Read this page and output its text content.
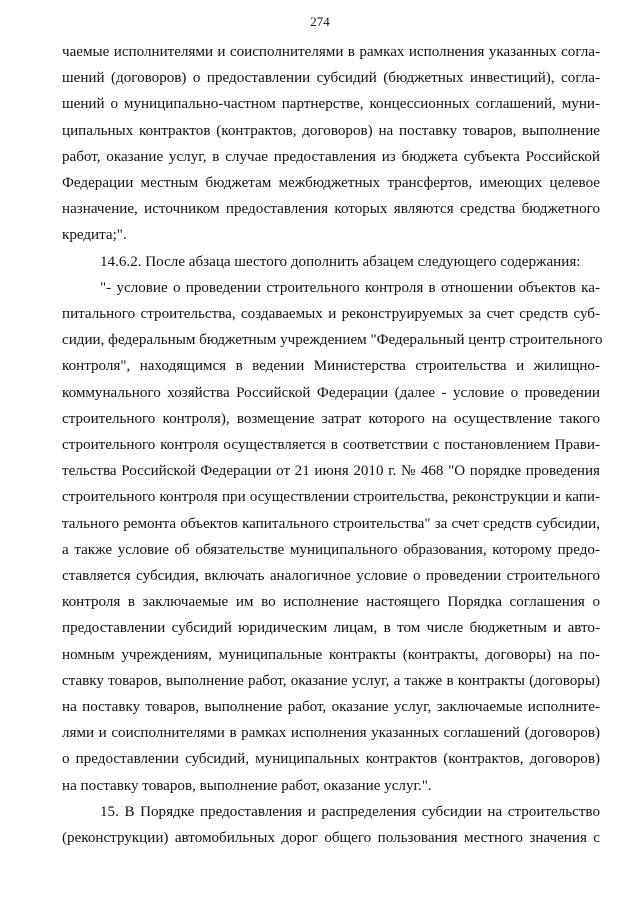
274
чаемые исполнителями и соисполнителями в рамках исполнения указанных согла-
шений (договоров) о предоставлении субсидий (бюджетных инвестиций), согла-
шений о муниципально-частном партнерстве, концессионных соглашений, муни-
ципальных контрактов (контрактов, договоров) на поставку товаров, выполнение
работ, оказание услуг, в случае предоставления из бюджета субъекта Российской
Федерации местным бюджетам межбюджетных трансфертов, имеющих целевое
назначение, источником предоставления которых являются средства бюджетного
кредита;".
14.6.2. После абзаца шестого дополнить абзацем следующего содержания:
"- условие о проведении строительного контроля в отношении объектов ка-
питального строительства, создаваемых и реконструируемых за счет средств суб-
сидии, федеральным бюджетным учреждением "Федеральный центр строительного
контроля", находящимся в ведении Министерства строительства и жилищно-
коммунального хозяйства Российской Федерации (далее - условие о проведении
строительного контроля), возмещение затрат которого на осуществление такого
строительного контроля осуществляется в соответствии с постановлением Прави-
тельства Российской Федерации от 21 июня 2010 г. № 468 "О порядке проведения
строительного контроля при осуществлении строительства, реконструкции и капи-
тального ремонта объектов капитального строительства" за счет средств субсидии,
а также условие об обязательстве муниципального образования, которому предо-
ставляется субсидия, включать аналогичное условие о проведении строительного
контроля в заключаемые им во исполнение настоящего Порядка соглашения о
предоставлении субсидий юридическим лицам, в том числе бюджетным и авто-
номным учреждениям, муниципальные контракты (контракты, договоры) на по-
ставку товаров, выполнение работ, оказание услуг, а также в контракты (договоры)
на поставку товаров, выполнение работ, оказание услуг, заключаемые исполните-
лями и соисполнителями в рамках исполнения указанных соглашений (договоров)
о предоставлении субсидий, муниципальных контрактов (контрактов, договоров)
на поставку товаров, выполнение работ, оказание услуг.".
15. В Порядке предоставления и распределения субсидии на строительство
(реконструкции) автомобильных дорог общего пользования местного значения с
